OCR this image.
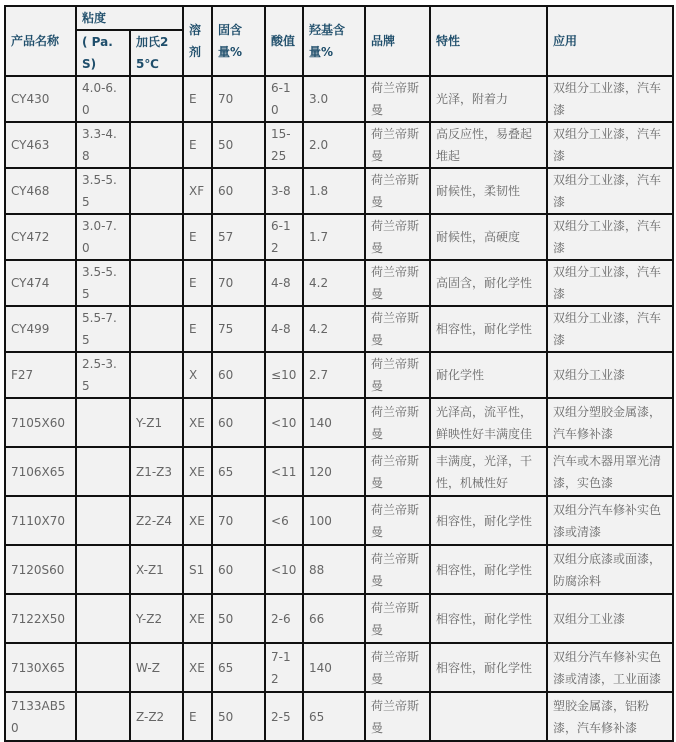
产品名称	粘度		溶剂	固含量%	酸值	羟基含量%	品牌	特性	应用
	( Pa.S)	加氏25℃							
CY430	4.0-6.0		E	70	6-10	3.0	荷兰帝斯曼	光泽，附着力	双组分工业漆，汽车漆
CY463	3.3-4.8		E	50	15-25	2.0	荷兰帝斯曼	高反应性，易叠起堆起	双组分工业漆，汽车漆
CY468	3.5-5.5		XF	60	3-8	1.8	荷兰帝斯曼	耐候性，柔韧性	双组分工业漆，汽车漆
CY472	3.0-7.0		E	57	6-12	1.7	荷兰帝斯曼	耐候性，高硬度	双组分工业漆，汽车漆
CY474	3.5-5.5		E	70	4-8	4.2	荷兰帝斯曼	高固含，耐化学性	双组分工业漆，汽车漆
CY499	5.5-7.5		E	75	4-8	4.2	荷兰帝斯曼	相容性，耐化学性	双组分工业漆，汽车漆
F27	2.5-3.5		X	60	≤10	2.7	荷兰帝斯曼	耐化学性	双组分工业漆
7105X60		Y-Z1	XE	60	<10	140	荷兰帝斯曼	光泽高，流平性，鲜映性好丰满度佳	双组分塑胶金属漆，汽车修补漆
7106X65		Z1-Z3	XE	65	<11	120	荷兰帝斯曼	丰满度，光泽，干性，机械性好	汽车或木器用罩光清漆，实色漆
7110X70		Z2-Z4	XE	70	<6	100	荷兰帝斯曼	相容性，耐化学性	双组分汽车修补实色漆或清漆
7120S60		X-Z1	S1	60	<10	88	荷兰帝斯曼	相容性，耐化学性	双组分底漆或面漆，防腐涂料
7122X50		Y-Z2	XE	50	2-6	66	荷兰帝斯曼	相容性，耐化学性	双组分工业漆
7130X65		W-Z	XE	65	7-12	140	荷兰帝斯曼	相容性，耐化学性	双组分汽车修补实色漆或清漆，工业面漆
7133AB50		Z-Z2	E	50	2-5	65	荷兰帝斯曼		塑胶金属漆，铝粉漆，汽车修补漆
